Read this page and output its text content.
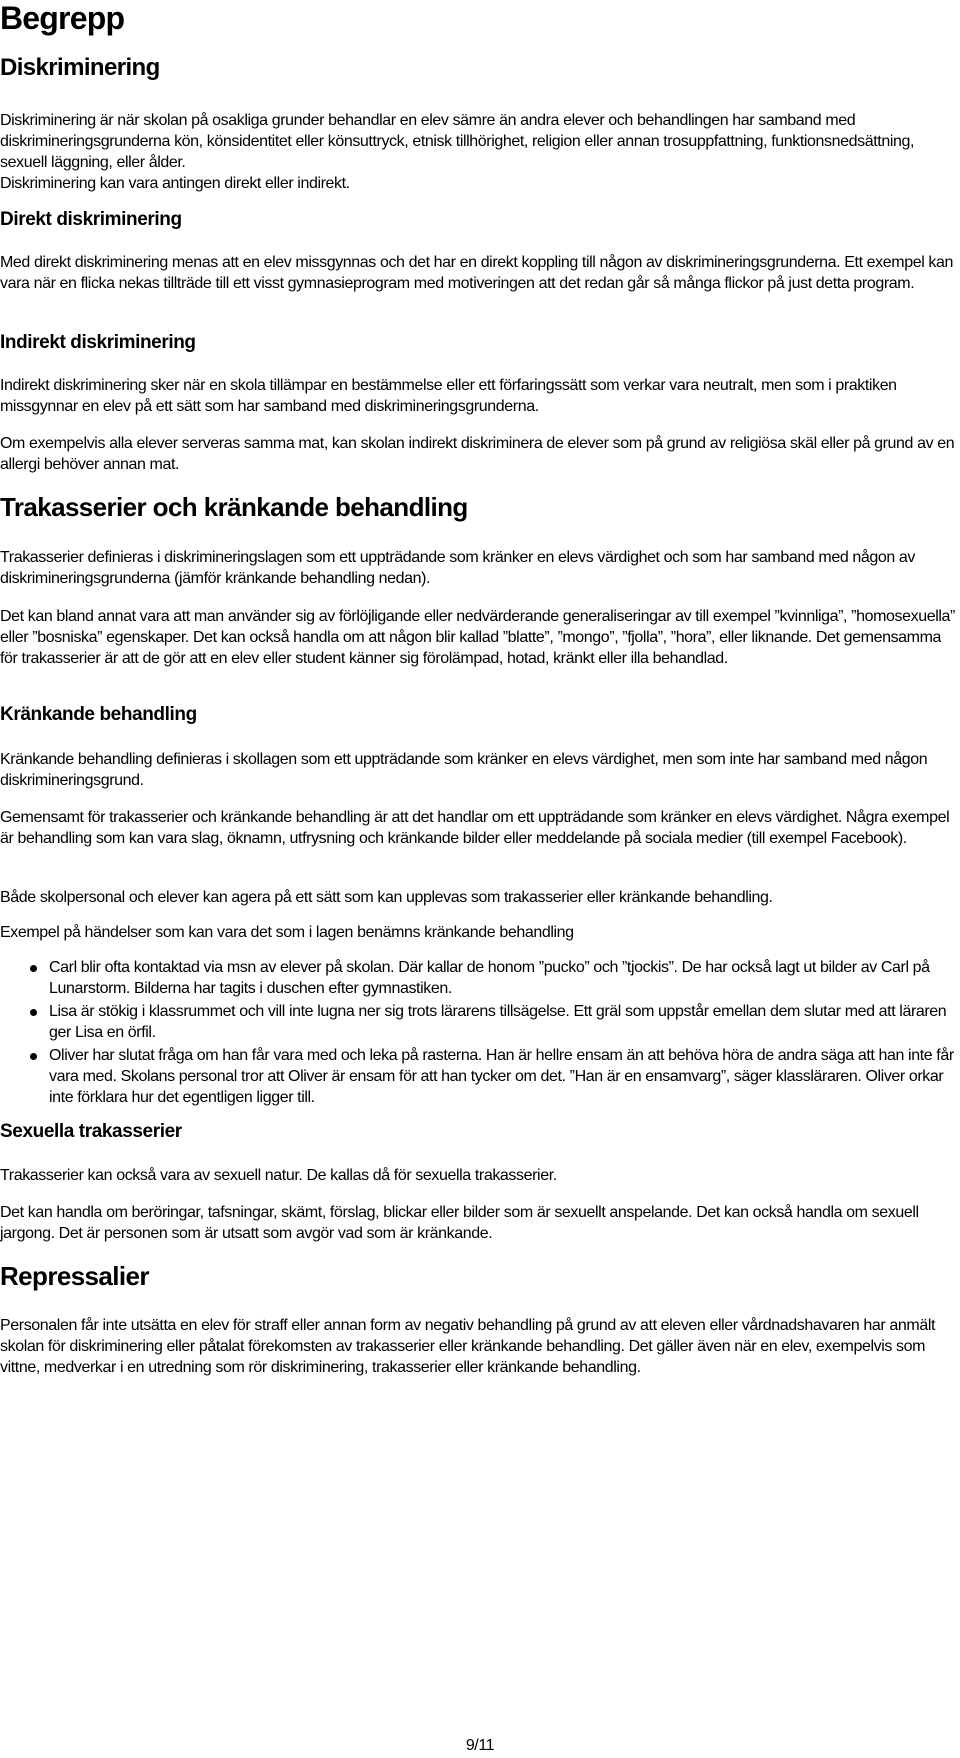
Begrepp
Diskriminering

Diskriminering är när skolan på osakliga grunder behandlar en elev sämre än andra elever och behandlingen har samband med diskrimineringsgrunderna kön, könsidentitet eller könsuttryck, etnisk tillhörighet, religion eller annan trosuppfattning, funktionsnedsättning, sexuell läggning, eller ålder.

Diskriminering kan vara antingen direkt eller indirekt.

Direkt diskriminering

Med direkt diskriminering menas att en elev missgynnas och det har en direkt koppling till någon av diskrimineringsgrunderna. Ett exempel kan vara när en flicka nekas tillträde till ett visst gymnasieprogram med motiveringen att det redan går så många flickor på just detta program.

Indirekt diskriminering

Indirekt diskriminering sker när en skola tillämpar en bestämmelse eller ett förfaringssätt som verkar vara neutralt, men som i praktiken missgynnar en elev på ett sätt som har samband med diskrimineringsgrunderna.

Om exempelvis alla elever serveras samma mat, kan skolan indirekt diskriminera de elever som på grund av religiösa skäl eller på grund av en allergi behöver annan mat.

Trakasserier och kränkande behandling

Trakasserier definieras i diskrimineringslagen som ett uppträdande som kränker en elevs värdighet och som har samband med någon av diskrimineringsgrunderna (jämför kränkande behandling nedan).

Det kan bland annat vara att man använder sig av förlöjligande eller nedvärderande generaliseringar av till exempel ”kvinnliga”, ”homosexuella” eller ”bosniska” egenskaper. Det kan också handla om att någon blir kallad ”blatte”, ”mongo”, ”fjolla”, ”hora”, eller liknande. Det gemensamma för trakasserier är att de gör att en elev eller student känner sig förolämpad, hotad, kränkt eller illa behandlad.

Kränkande behandling

Kränkande behandling definieras i skollagen som ett uppträdande som kränker en elevs värdighet, men som inte har samband med någon diskrimineringsgrund.

Gemensamt för trakasserier och kränkande behandling är att det handlar om ett uppträdande som kränker en elevs värdighet. Några exempel är behandling som kan vara slag, öknamn, utfrysning och kränkande bilder eller meddelande på sociala medier (till exempel Facebook).

Både skolpersonal och elever kan agera på ett sätt som kan upplevas som trakasserier eller kränkande behandling.

Exempel på händelser som kan vara det som i lagen benämns kränkande behandling

Carl blir ofta kontaktad via msn av elever på skolan. Där kallar de honom ”pucko” och ”tjockis”. De har också lagt ut bilder av Carl på Lunarstorm. Bilderna har tagits i duschen efter gymnastiken.
Lisa är stökig i klassrummet och vill inte lugna ner sig trots lärarens tillsägelse. Ett gräl som uppstår emellan dem slutar med att läraren ger Lisa en örfil.
Oliver har slutat fråga om han får vara med och leka på rasterna. Han är hellre ensam än att behöva höra de andra säga att han inte får vara med. Skolans personal tror att Oliver är ensam för att han tycker om det. ”Han är en ensamvarg”, säger klassläraren. Oliver orkar inte förklara hur det egentligen ligger till.
Sexuella trakasserier

Trakasserier kan också vara av sexuell natur. De kallas då för sexuella trakasserier.

Det kan handla om beröringar, tafsningar, skämt, förslag, blickar eller bilder som är sexuellt anspelande. Det kan också handla om sexuell jargong. Det är personen som är utsatt som avgör vad som är kränkande.

Repressalier

Personalen får inte utsätta en elev för straff eller annan form av negativ behandling på grund av att eleven eller vårdnadshavaren har anmält skolan för diskriminering eller påtalat förekomsten av trakasserier eller kränkande behandling. Det gäller även när en elev, exempelvis som vittne, medverkar i en utredning som rör diskriminering, trakasserier eller kränkande behandling.

9/11
